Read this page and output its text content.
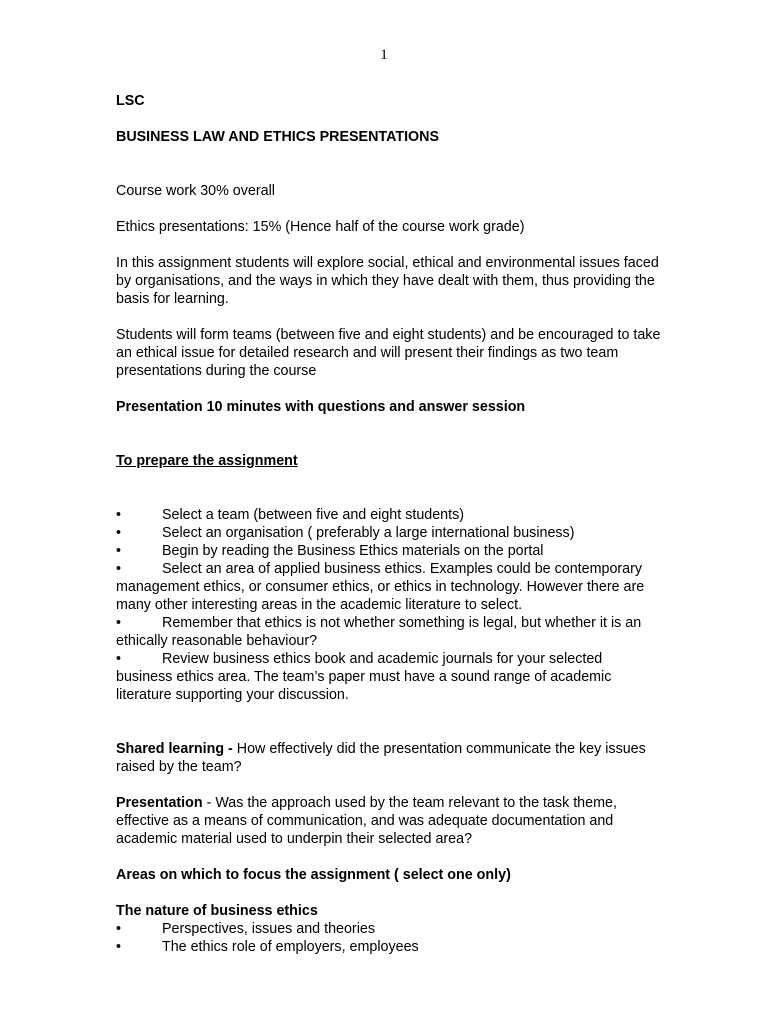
1

LSC

BUSINESS LAW AND ETHICS PRESENTATIONS

Course work 30% overall

Ethics presentations: 15% (Hence half of the course work grade)

In this assignment students will explore social, ethical and environmental issues faced by organisations, and the ways in which they have dealt with them, thus providing the basis for learning.

Students will form teams (between five and eight students) and be encouraged to take an ethical issue for detailed research and will present their findings as two team presentations during the course

Presentation 10 minutes with questions and answer session

To prepare the assignment

•	Select a team (between five and eight students)

•	Select an organisation ( preferably a large international business)

•	Begin by reading the Business Ethics materials on the portal

•	Select an area of applied business ethics. Examples could be contemporary management ethics, or consumer ethics, or ethics in technology. However there are many other interesting areas in the academic literature to select.

•	Remember that ethics is not whether something is legal, but whether it is an ethically reasonable behaviour?

•	Review business ethics book and academic journals for your selected business ethics area. The team’s paper must have a sound range of academic literature supporting your discussion.

Shared learning - How effectively did the presentation communicate the key issues raised by the team?

Presentation - Was the approach used by the team relevant to the task theme, effective as a means of communication, and was adequate documentation and academic material used to underpin their selected area?

Areas on which to focus the assignment ( select one only)

The nature of business ethics

•	Perspectives, issues and theories

•	The ethics role of employers, employees
